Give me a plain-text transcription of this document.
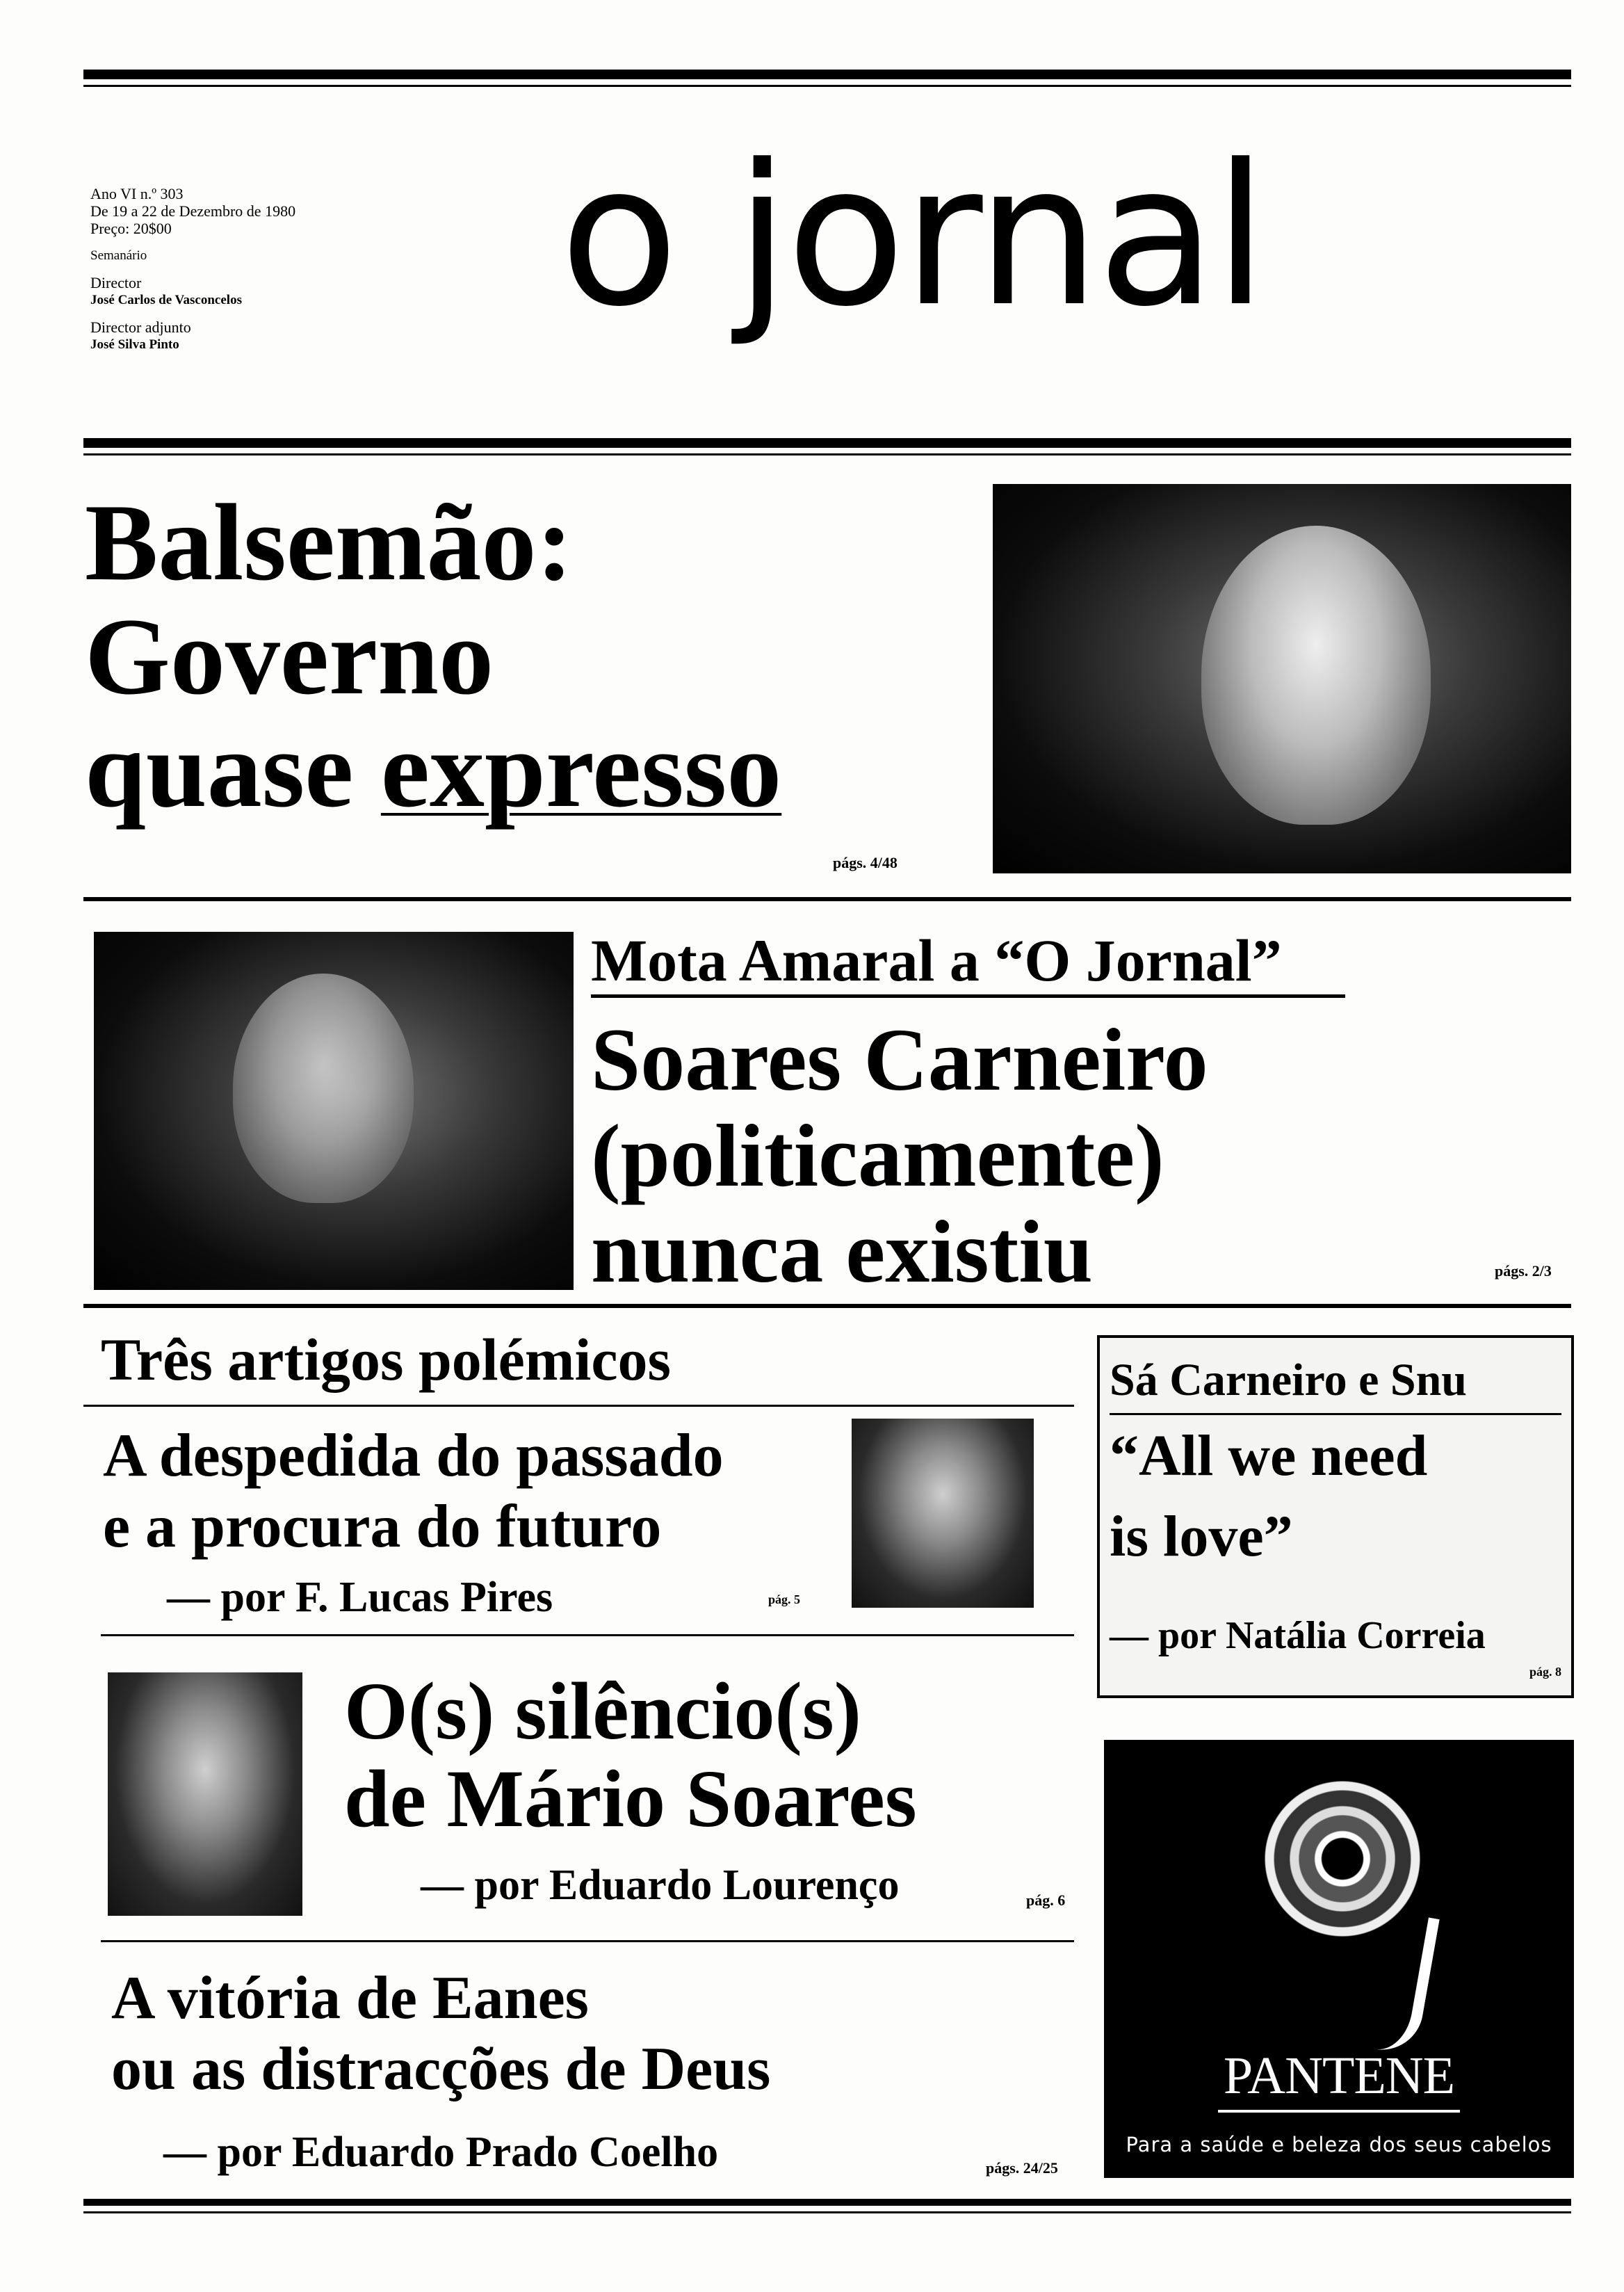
Ano VI n.º 303
De 19 a 22 de Dezembro de 1980
Preço: 20$00
Semanário
Director
José Carlos de Vasconcelos
Director adjunto
José Silva Pinto	o jornal
Balsemão:
Governo
quase expresso
págs. 4/48
Mota Amaral a “O Jornal”
Soares Carneiro
(politicamente)
nunca existiu	págs. 2/3
Três artigos polémicos
A despedida do passado
e a procura do futuro
— por F. Lucas Pires	pág. 5
O(s) silêncio(s)
de Mário Soares
— por Eduardo Lourenço	pág. 6
A vitória de Eanes
ou as distracções de Deus
— por Eduardo Prado Coelho	págs. 24/25
Sá Carneiro e Snu
“All we need
is love”
— por Natália Correia
pág. 8
PANTENE
Para a saúde e beleza dos seus cabelos
